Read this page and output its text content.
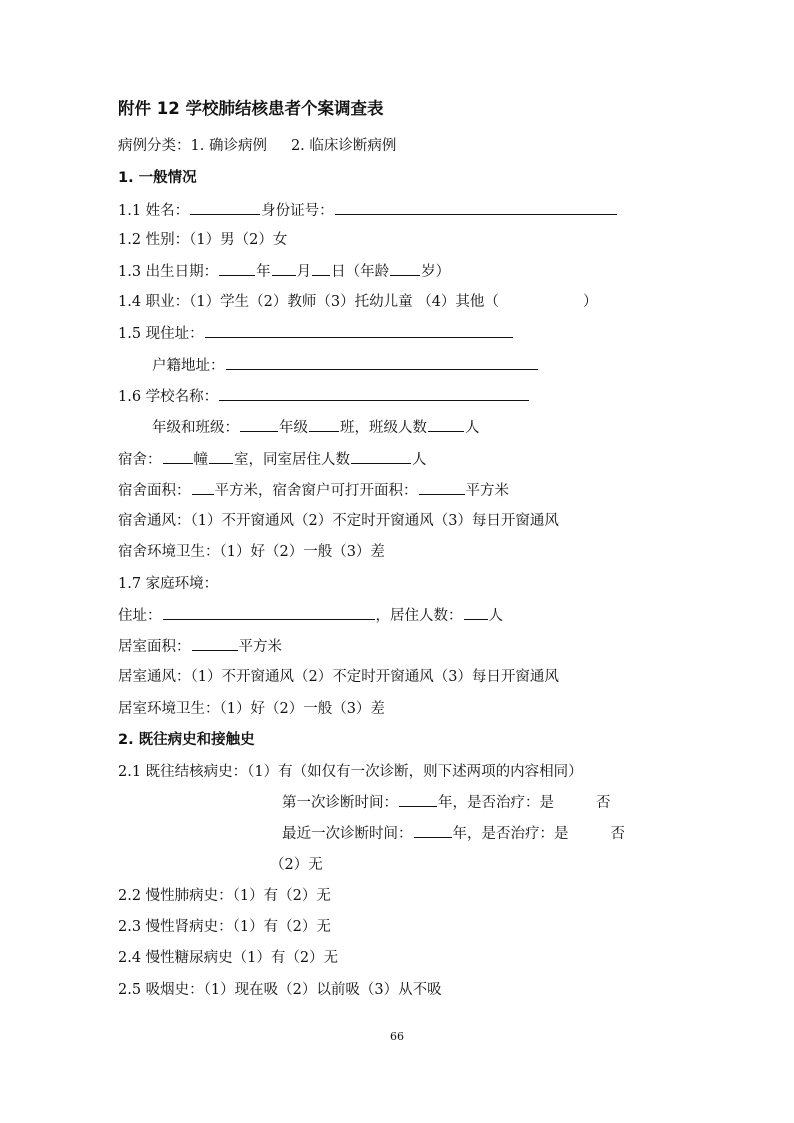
附件 12 学校肺结核患者个案调查表
病例分类：1. 确诊病例 2. 临床诊断病例
1. 一般情况
1.1 姓名：	身份证号：
1.2 性别：（1）男（2）女
1.3 出生日期：	年 月 日（年龄 岁）
1.4 职业：（1）学生（2）教师（3）托幼儿童 （4）其他（	）
1.5 现住址：
户籍地址：
1.6 学校名称：
年级和班级：	年级 班，班级人数	人
宿舍： 幢 室，同室居住人数	人
宿舍面积： 平方米，宿舍窗户可打开面积：	平方米
宿舍通风：（1）不开窗通风（2）不定时开窗通风（3）每日开窗通风
宿舍环境卫生：（1）好（2）一般（3）差
1.7 家庭环境：
住址：	，居住人数： 人
居室面积：	平方米
居室通风：（1）不开窗通风（2）不定时开窗通风（3）每日开窗通风
居室环境卫生：（1）好（2）一般（3）差
2. 既往病史和接触史
2.1 既往结核病史：（1）有（如仅有一次诊断，则下述两项的内容相同）
第一次诊断时间：	年，是否治疗：是	否
最近一次诊断时间：	年，是否治疗：是	否
（2）无
2.2 慢性肺病史：（1）有（2）无
2.3 慢性肾病史：（1）有（2）无
2.4 慢性糖尿病史（1）有（2）无
2.5 吸烟史：（1）现在吸（2）以前吸（3）从不吸
66
